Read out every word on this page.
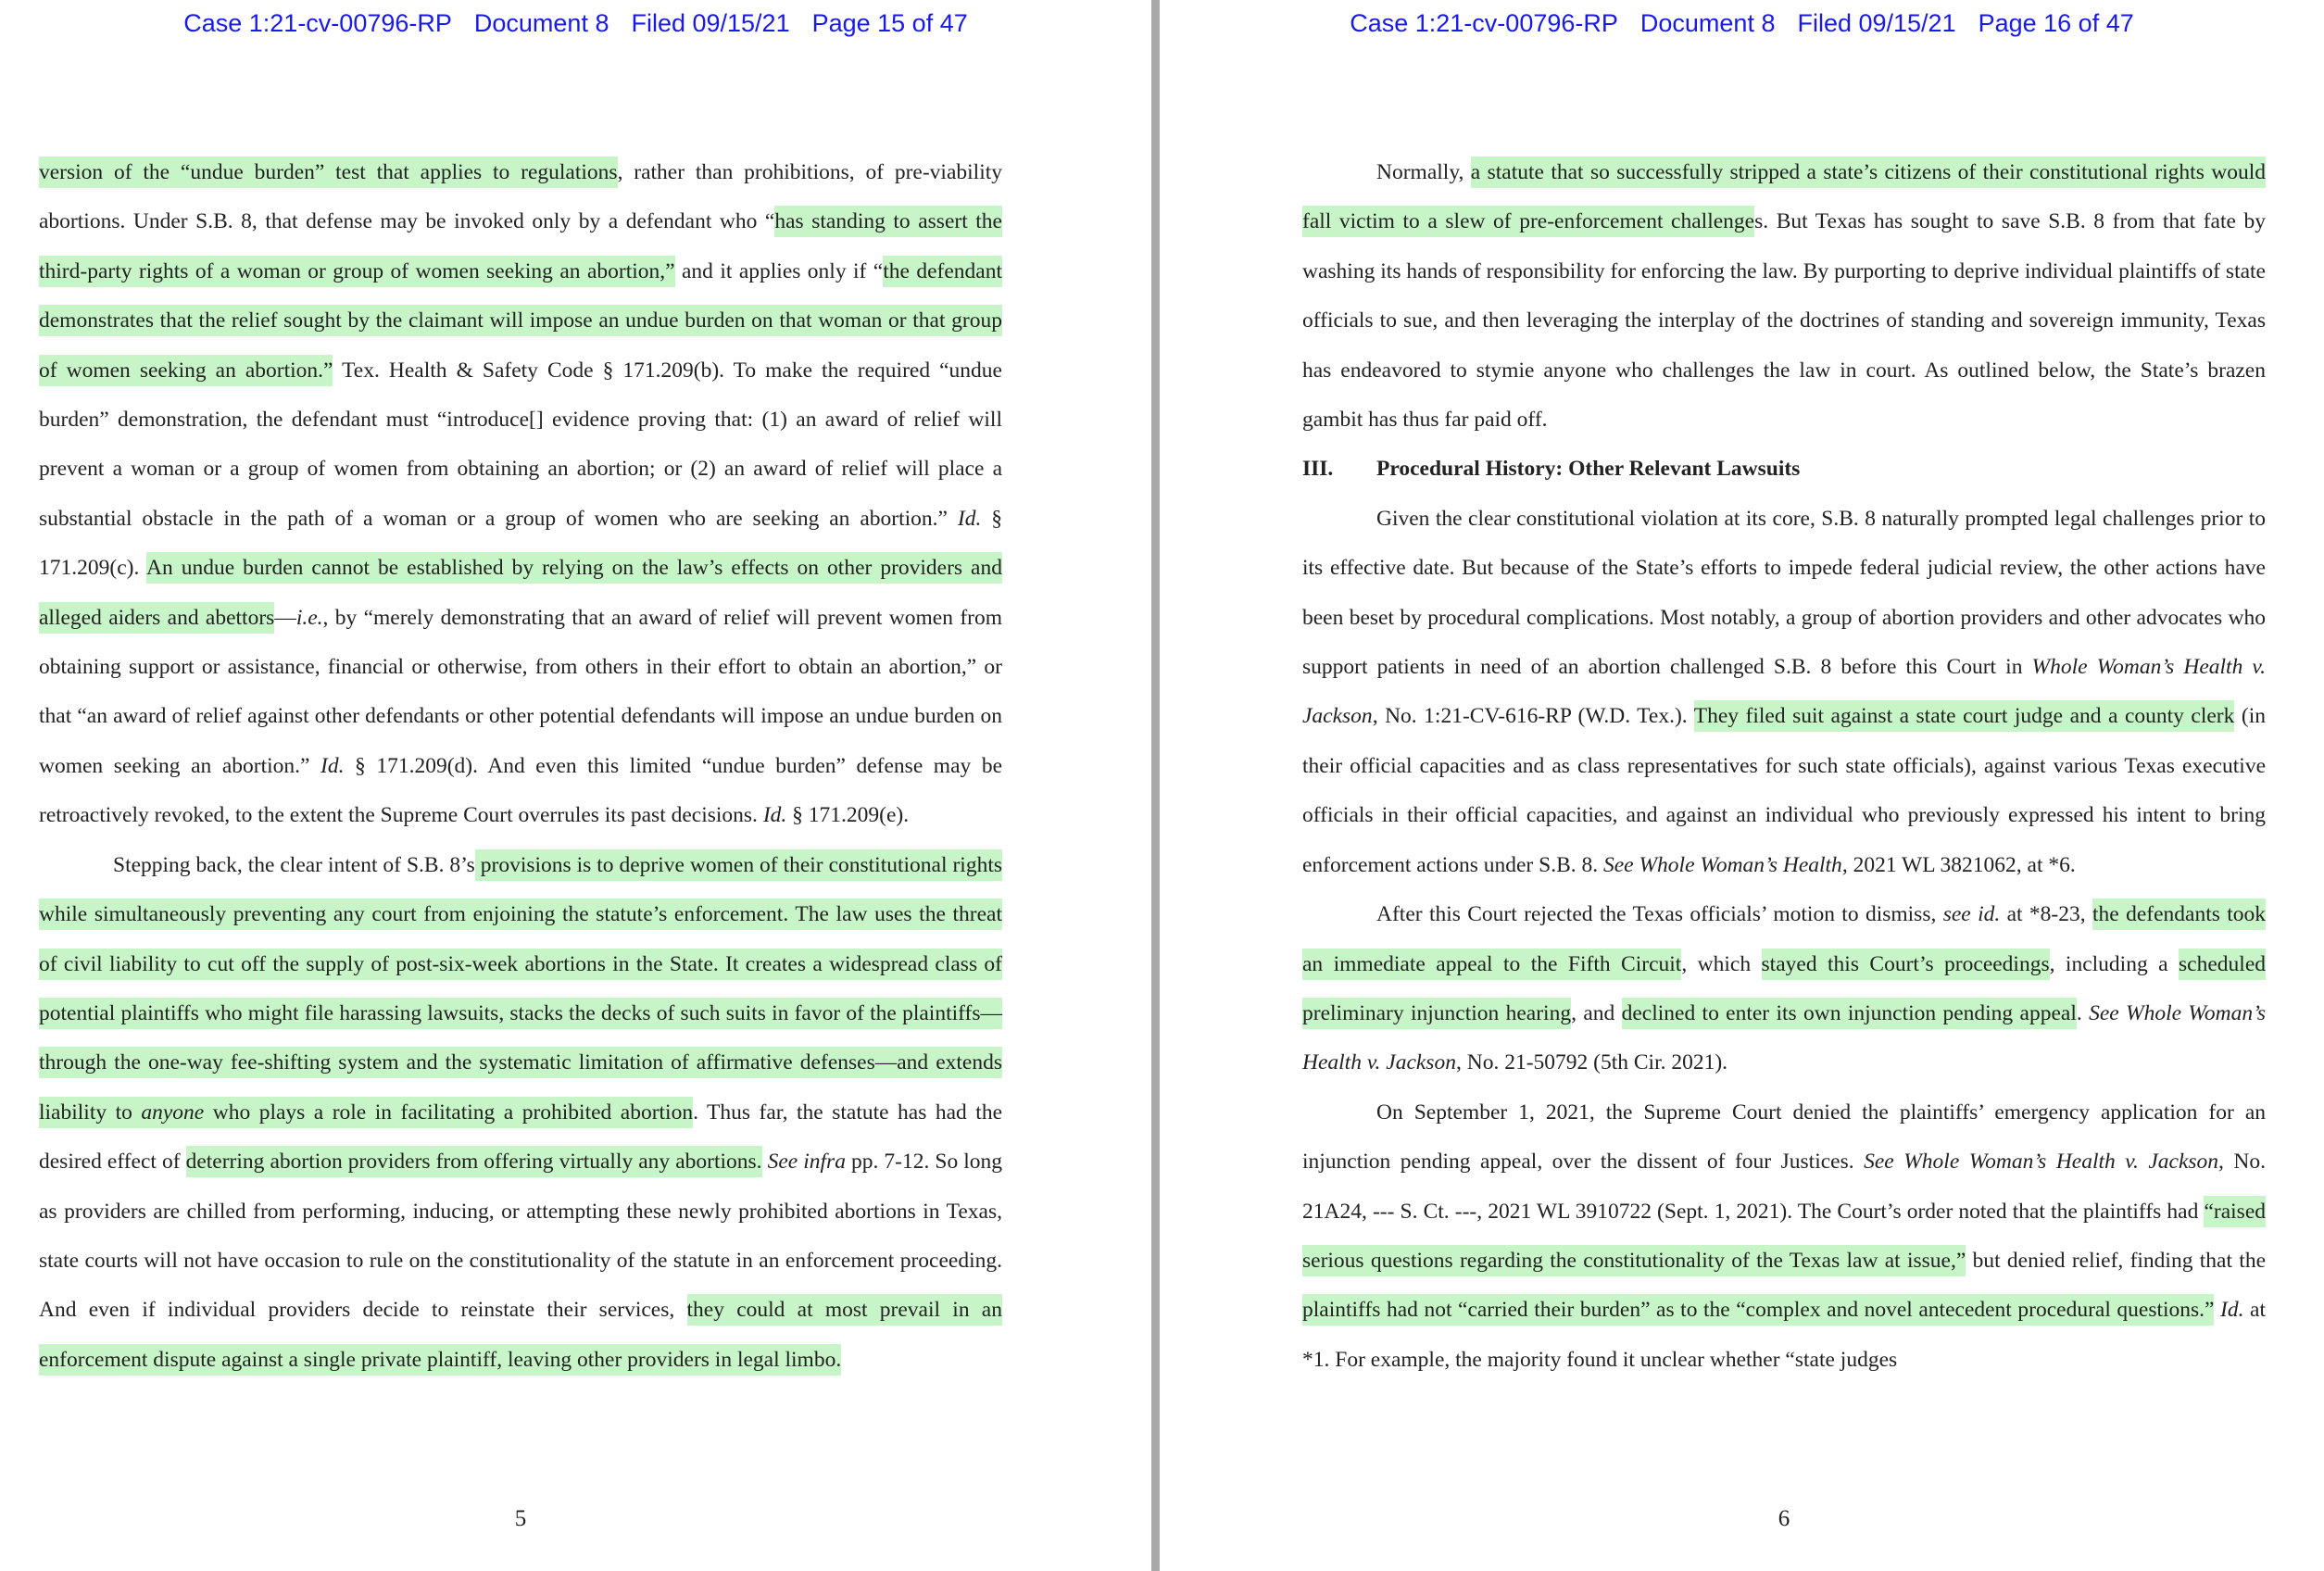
Case 1:21-cv-00796-RP Document 8 Filed 09/15/21 Page 15 of 47

version of the “undue burden” test that applies to regulations, rather than prohibitions, of pre-viability abortions. Under S.B. 8, that defense may be invoked only by a defendant who “has standing to assert the third-party rights of a woman or group of women seeking an abortion,” and it applies only if “the defendant demonstrates that the relief sought by the claimant will impose an undue burden on that woman or that group of women seeking an abortion.” Tex. Health & Safety Code § 171.209(b). To make the required “undue burden” demonstration, the defendant must “introduce[] evidence proving that: (1) an award of relief will prevent a woman or a group of women from obtaining an abortion; or (2) an award of relief will place a substantial obstacle in the path of a woman or a group of women who are seeking an abortion.” Id. § 171.209(c). An undue burden cannot be established by relying on the law’s effects on other providers and alleged aiders and abettors—i.e., by “merely demonstrating that an award of relief will prevent women from obtaining support or assistance, financial or otherwise, from others in their effort to obtain an abortion,” or that “an award of relief against other defendants or other potential defendants will impose an undue burden on women seeking an abortion.” Id. § 171.209(d). And even this limited “undue burden” defense may be retroactively revoked, to the extent the Supreme Court overrules its past decisions. Id. § 171.209(e).

Stepping back, the clear intent of S.B. 8’s provisions is to deprive women of their constitutional rights while simultaneously preventing any court from enjoining the statute’s enforcement. The law uses the threat of civil liability to cut off the supply of post-six-week abortions in the State. It creates a widespread class of potential plaintiffs who might file harassing lawsuits, stacks the decks of such suits in favor of the plaintiffs—through the one-way fee-shifting system and the systematic limitation of affirmative defenses—and extends liability to anyone who plays a role in facilitating a prohibited abortion. Thus far, the statute has had the desired effect of deterring abortion providers from offering virtually any abortions. See infra pp. 7-12. So long as providers are chilled from performing, inducing, or attempting these newly prohibited abortions in Texas, state courts will not have occasion to rule on the constitutionality of the statute in an enforcement proceeding. And even if individual providers decide to reinstate their services, they could at most prevail in an enforcement dispute against a single private plaintiff, leaving other providers in legal limbo.

5
Case 1:21-cv-00796-RP Document 8 Filed 09/15/21 Page 16 of 47

Normally, a statute that so successfully stripped a state’s citizens of their constitutional rights would fall victim to a slew of pre-enforcement challenges. But Texas has sought to save S.B. 8 from that fate by washing its hands of responsibility for enforcing the law. By purporting to deprive individual plaintiffs of state officials to sue, and then leveraging the interplay of the doctrines of standing and sovereign immunity, Texas has endeavored to stymie anyone who challenges the law in court. As outlined below, the State’s brazen gambit has thus far paid off.

III. Procedural History: Other Relevant Lawsuits

Given the clear constitutional violation at its core, S.B. 8 naturally prompted legal challenges prior to its effective date. But because of the State’s efforts to impede federal judicial review, the other actions have been beset by procedural complications. Most notably, a group of abortion providers and other advocates who support patients in need of an abortion challenged S.B. 8 before this Court in Whole Woman’s Health v. Jackson, No. 1:21-CV-616-RP (W.D. Tex.). They filed suit against a state court judge and a county clerk (in their official capacities and as class representatives for such state officials), against various Texas executive officials in their official capacities, and against an individual who previously expressed his intent to bring enforcement actions under S.B. 8. See Whole Woman’s Health, 2021 WL 3821062, at *6.

After this Court rejected the Texas officials’ motion to dismiss, see id. at *8-23, the defendants took an immediate appeal to the Fifth Circuit, which stayed this Court’s proceedings, including a scheduled preliminary injunction hearing, and declined to enter its own injunction pending appeal. See Whole Woman’s Health v. Jackson, No. 21-50792 (5th Cir. 2021).

On September 1, 2021, the Supreme Court denied the plaintiffs’ emergency application for an injunction pending appeal, over the dissent of four Justices. See Whole Woman’s Health v. Jackson, No. 21A24, --- S. Ct. ---, 2021 WL 3910722 (Sept. 1, 2021). The Court’s order noted that the plaintiffs had “raised serious questions regarding the constitutionality of the Texas law at issue,” but denied relief, finding that the plaintiffs had not “carried their burden” as to the “complex and novel antecedent procedural questions.” Id. at *1. For example, the majority found it unclear whether “state judges

6
